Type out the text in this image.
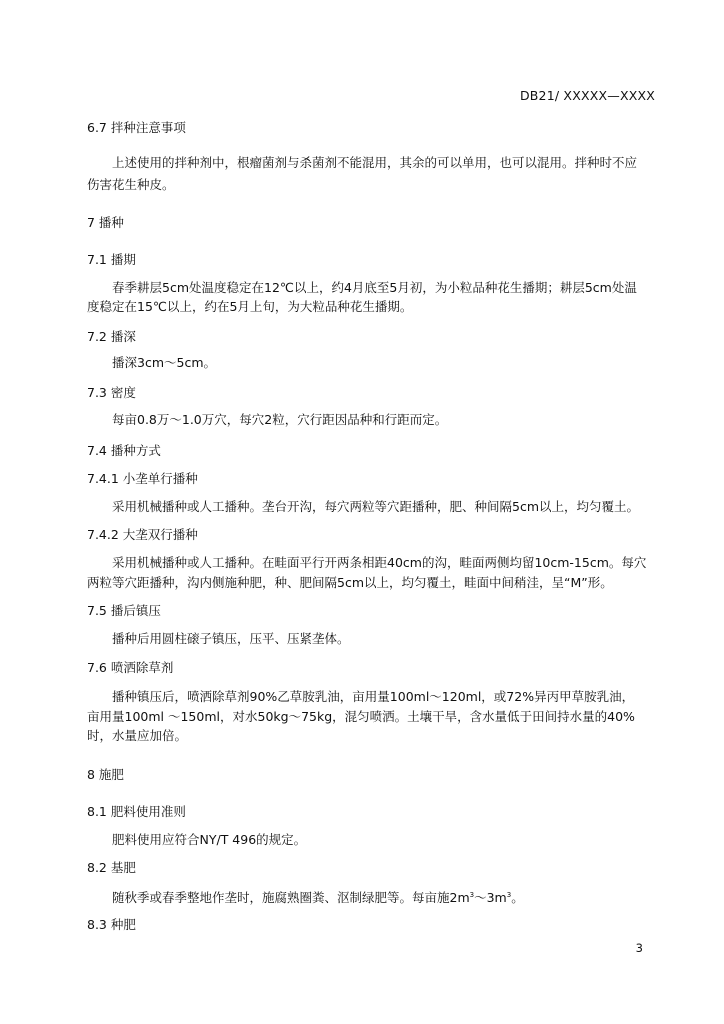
DB21/ XXXXX—XXXX
6.7 拌种注意事项
上述使用的拌种剂中，根瘤菌剂与杀菌剂不能混用，其余的可以单用，也可以混用。拌种时不应
伤害花生种皮。
7 播种
7.1 播期
春季耕层5cm处温度稳定在12℃以上，约4月底至5月初，为小粒品种花生播期；耕层5cm处温
度稳定在15℃以上，约在5月上旬，为大粒品种花生播期。
7.2 播深
播深3cm～5cm。
7.3 密度
每亩0.8万～1.0万穴，每穴2粒，穴行距因品种和行距而定。
7.4 播种方式
7.4.1 小垄单行播种
采用机械播种或人工播种。垄台开沟，每穴两粒等穴距播种，肥、种间隔5cm以上，均匀覆土。
7.4.2 大垄双行播种
采用机械播种或人工播种。在畦面平行开两条相距40cm的沟，畦面两侧均留10cm-15cm。每穴
两粒等穴距播种，沟内侧施种肥，种、肥间隔5cm以上，均匀覆土，畦面中间稍洼，呈“M”形。
7.5 播后镇压
播种后用圆柱磙子镇压，压平、压紧垄体。
7.6 喷洒除草剂
播种镇压后，喷洒除草剂90%乙草胺乳油，亩用量100ml～120ml，或72%异丙甲草胺乳油，
亩用量100ml ～150ml，对水50kg～75kg，混匀喷洒。土壤干旱，含水量低于田间持水量的40%
时，水量应加倍。
8 施肥
8.1 肥料使用准则
肥料使用应符合NY/T 496的规定。
8.2 基肥
随秋季或春季整地作垄时，施腐熟圈粪、沤制绿肥等。每亩施$2m^3\sim 3m^3$。
8.3 种肥
3
